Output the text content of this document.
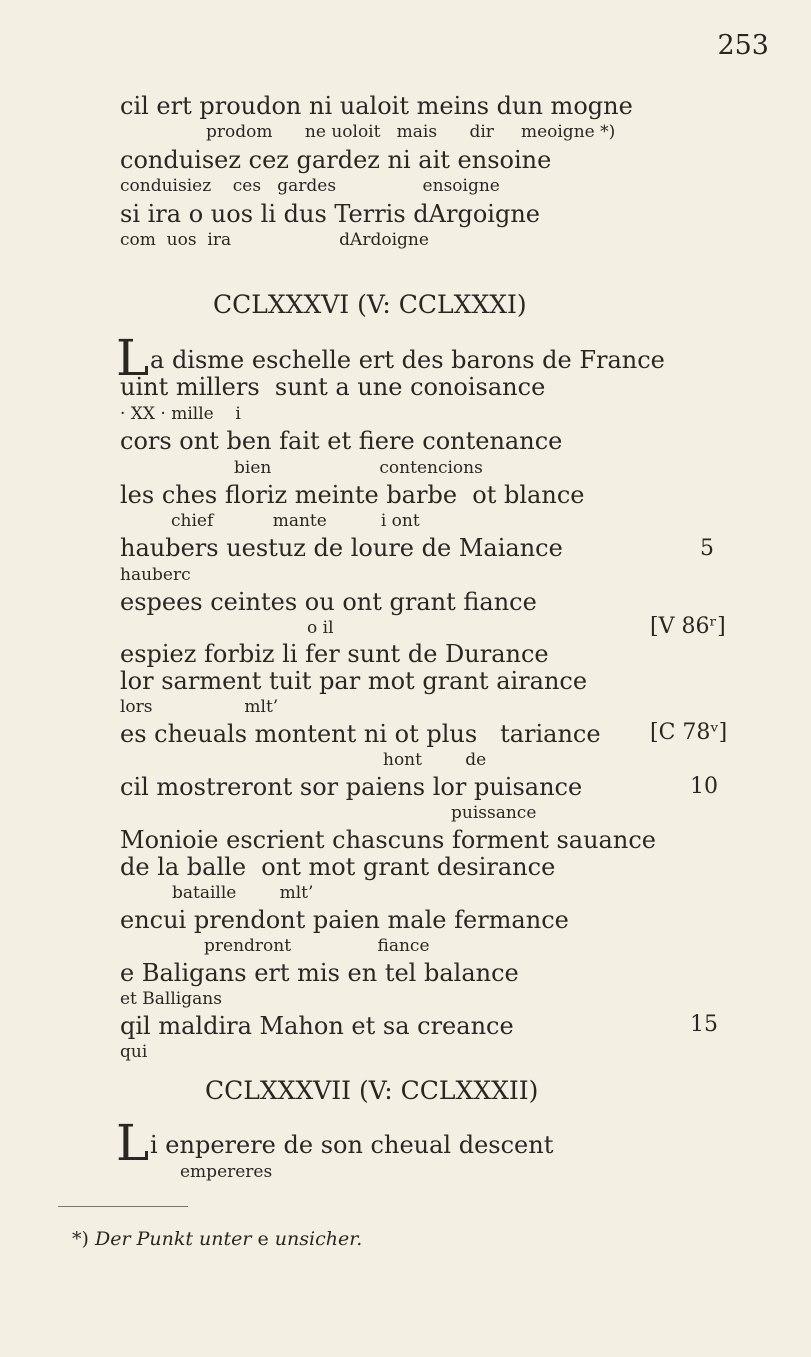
253
cil ert proudon ni ualoit meins dun mogne
prodom      ne uoloit   mais      dir     meoigne *)
conduisez cez gardez ni ait ensoine
conduisiez    ces   gardes                ensoigne
si ira o uos li dus Terris dArgoigne
com  uos  ira                    dArdoigne
CCLXXXVI (V: CCLXXXI)
L a disme eschelle ert des barons de France
uint millers  sunt a une conoisance
· XX · mille    i
cors ont ben fait et fiere contenance
bien                    contencions
les ches floriz meinte barbe  ot blance
chief           mante          i ont
haubers uestuz de loure de Maiance
hauberc
espees ceintes ou ont grant fiance
o il
espiez forbiz li fer sunt de Durance
lor sarment tuit par mot grant airance
lors                 mlt’
es cheuals montent ni ot plus   tariance
hont        de
cil mostreront sor paiens lor puisance
puissance
Monioie escrient chascuns forment sauance
de la balle  ont mot grant desirance
bataille        mlt’
encui prendont paien male fermance
prendront                fiance
e Baligans ert mis en tel balance
et Balligans
qil maldira Mahon et sa creance
qui
5
[V 86ʳ]
[C 78ᵛ]
10
15
CCLXXXVII (V: CCLXXXII)
L i enperere de son cheual descent
empereres
*) Der Punkt unter e unsicher.
